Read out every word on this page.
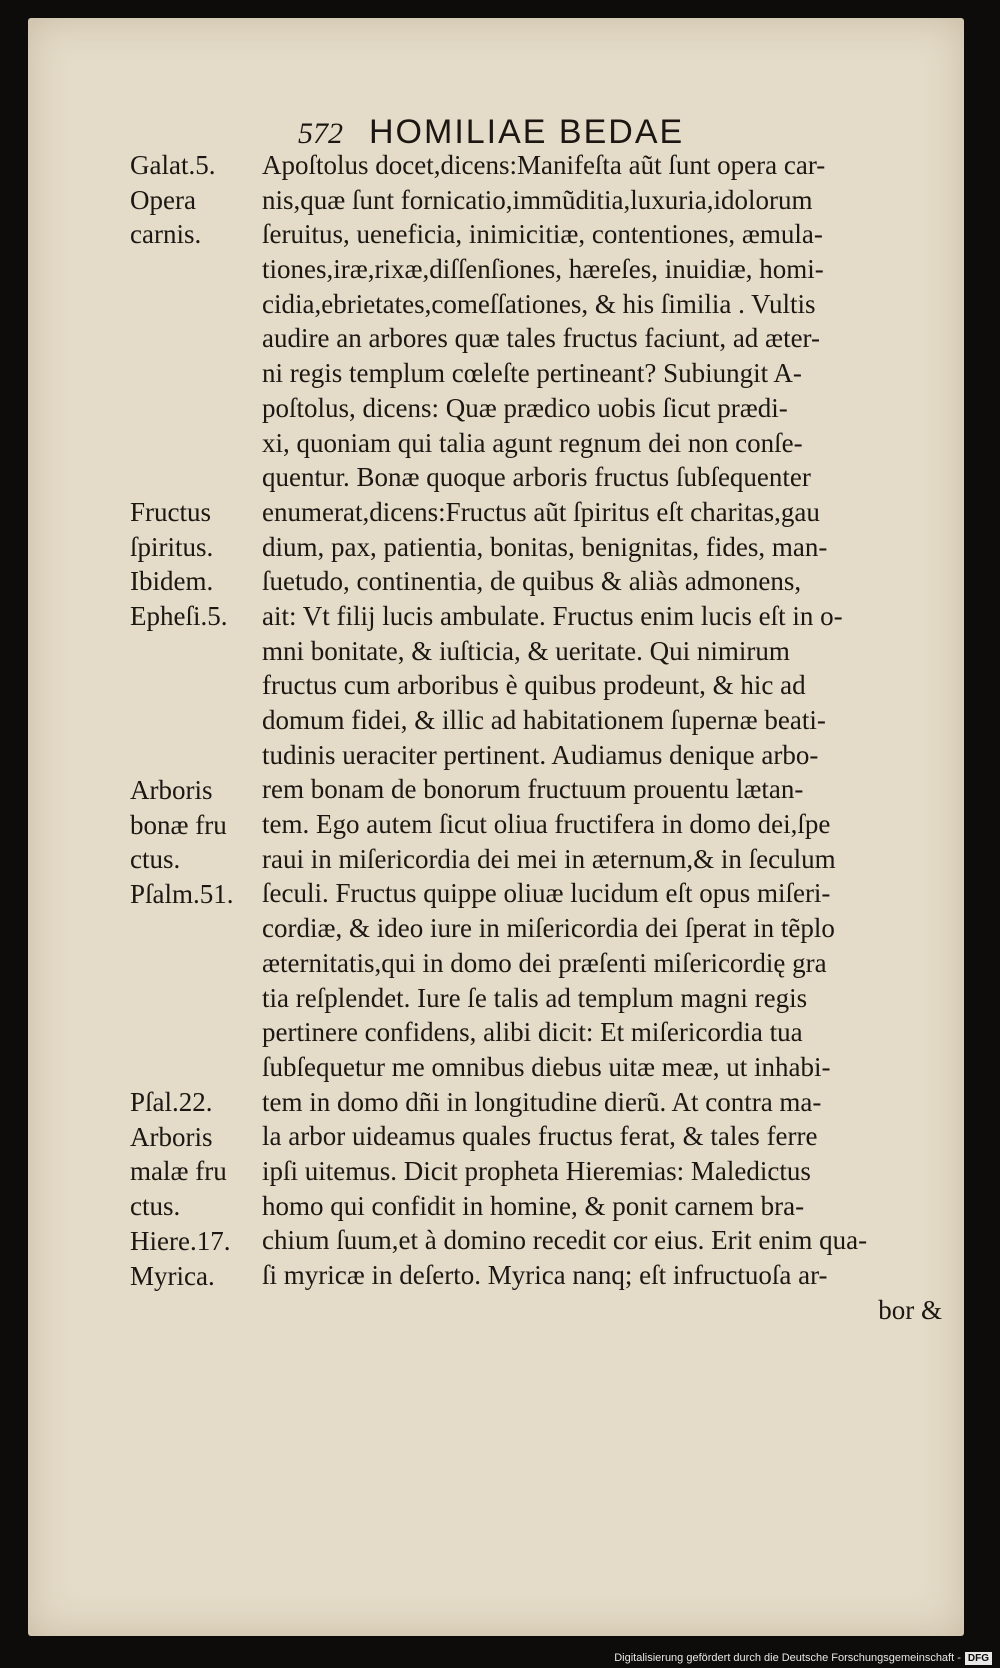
572 HOMILIAE BEDAE
Apoſtolus docet,dicens:Manifeſta aũt ſunt opera car-
nis,quæ ſunt fornicatio,immũditia,luxuria,idolorum
ſeruitus, ueneficia, inimicitiæ, contentiones, æmula-
tiones,iræ,rixæ,diſſenſiones, hæreſes, inuidiæ, homi-
cidia,ebrietates,comeſſationes, & his ſimilia . Vultis
audire an arbores quæ tales fructus faciunt, ad æter-
ni regis templum cœleſte pertineant? Subiungit A-
poſtolus, dicens: Quæ prædico uobis ſicut prædi-
xi, quoniam qui talia agunt regnum dei non conſe-
quentur. Bonæ quoque arboris fructus ſubſequenter
enumerat,dicens:Fructus aũt ſpiritus eſt charitas,gau
dium, pax, patientia, bonitas, benignitas, fides, man-
ſuetudo, continentia, de quibus & aliàs admonens,
ait: Vt filij lucis ambulate. Fructus enim lucis eſt in o-
mni bonitate, & iuſticia, & ueritate. Qui nimirum
fructus cum arboribus è quibus prodeunt, & hic ad
domum fidei, & illic ad habitationem ſupernæ beati-
tudinis ueraciter pertinent. Audiamus denique arbo-
rem bonam de bonorum fructuum prouentu lætan-
tem. Ego autem ſicut oliua fructifera in domo dei,ſpe
raui in miſericordia dei mei in æternum,& in ſeculum
ſeculi. Fructus quippe oliuæ lucidum eſt opus miſeri-
cordiæ, & ideo iure in miſericordia dei ſperat in tẽplo
æternitatis,qui in domo dei præſenti miſericordię gra
tia reſplendet. Iure ſe talis ad templum magni regis
pertinere confidens, alibi dicit: Et miſericordia tua
ſubſequetur me omnibus diebus uitæ meæ, ut inhabi-
tem in domo dñi in longitudine dierũ. At contra ma-
la arbor uideamus quales fructus ferat, & tales ferre
ipſi uitemus. Dicit propheta Hieremias: Maledictus
homo qui confidit in homine, & ponit carnem bra-
chium ſuum,et à domino recedit cor eius. Erit enim qua-
ſi myricæ in deſerto. Myrica nanq; eſt infructuoſa ar-
bor &
Galat.5.
Opera
carnis.
Fructus
ſpiritus.
Ibidem.
Epheſi.5.
Arboris
bonæ fru
ctus.
Pſalm.51.
Pſal.22.
Arboris
malæ fru
ctus.
Hiere.17.
Myrica.
Digitalisierung gefördert durch die Deutsche Forschungsgemeinschaft - DFG
